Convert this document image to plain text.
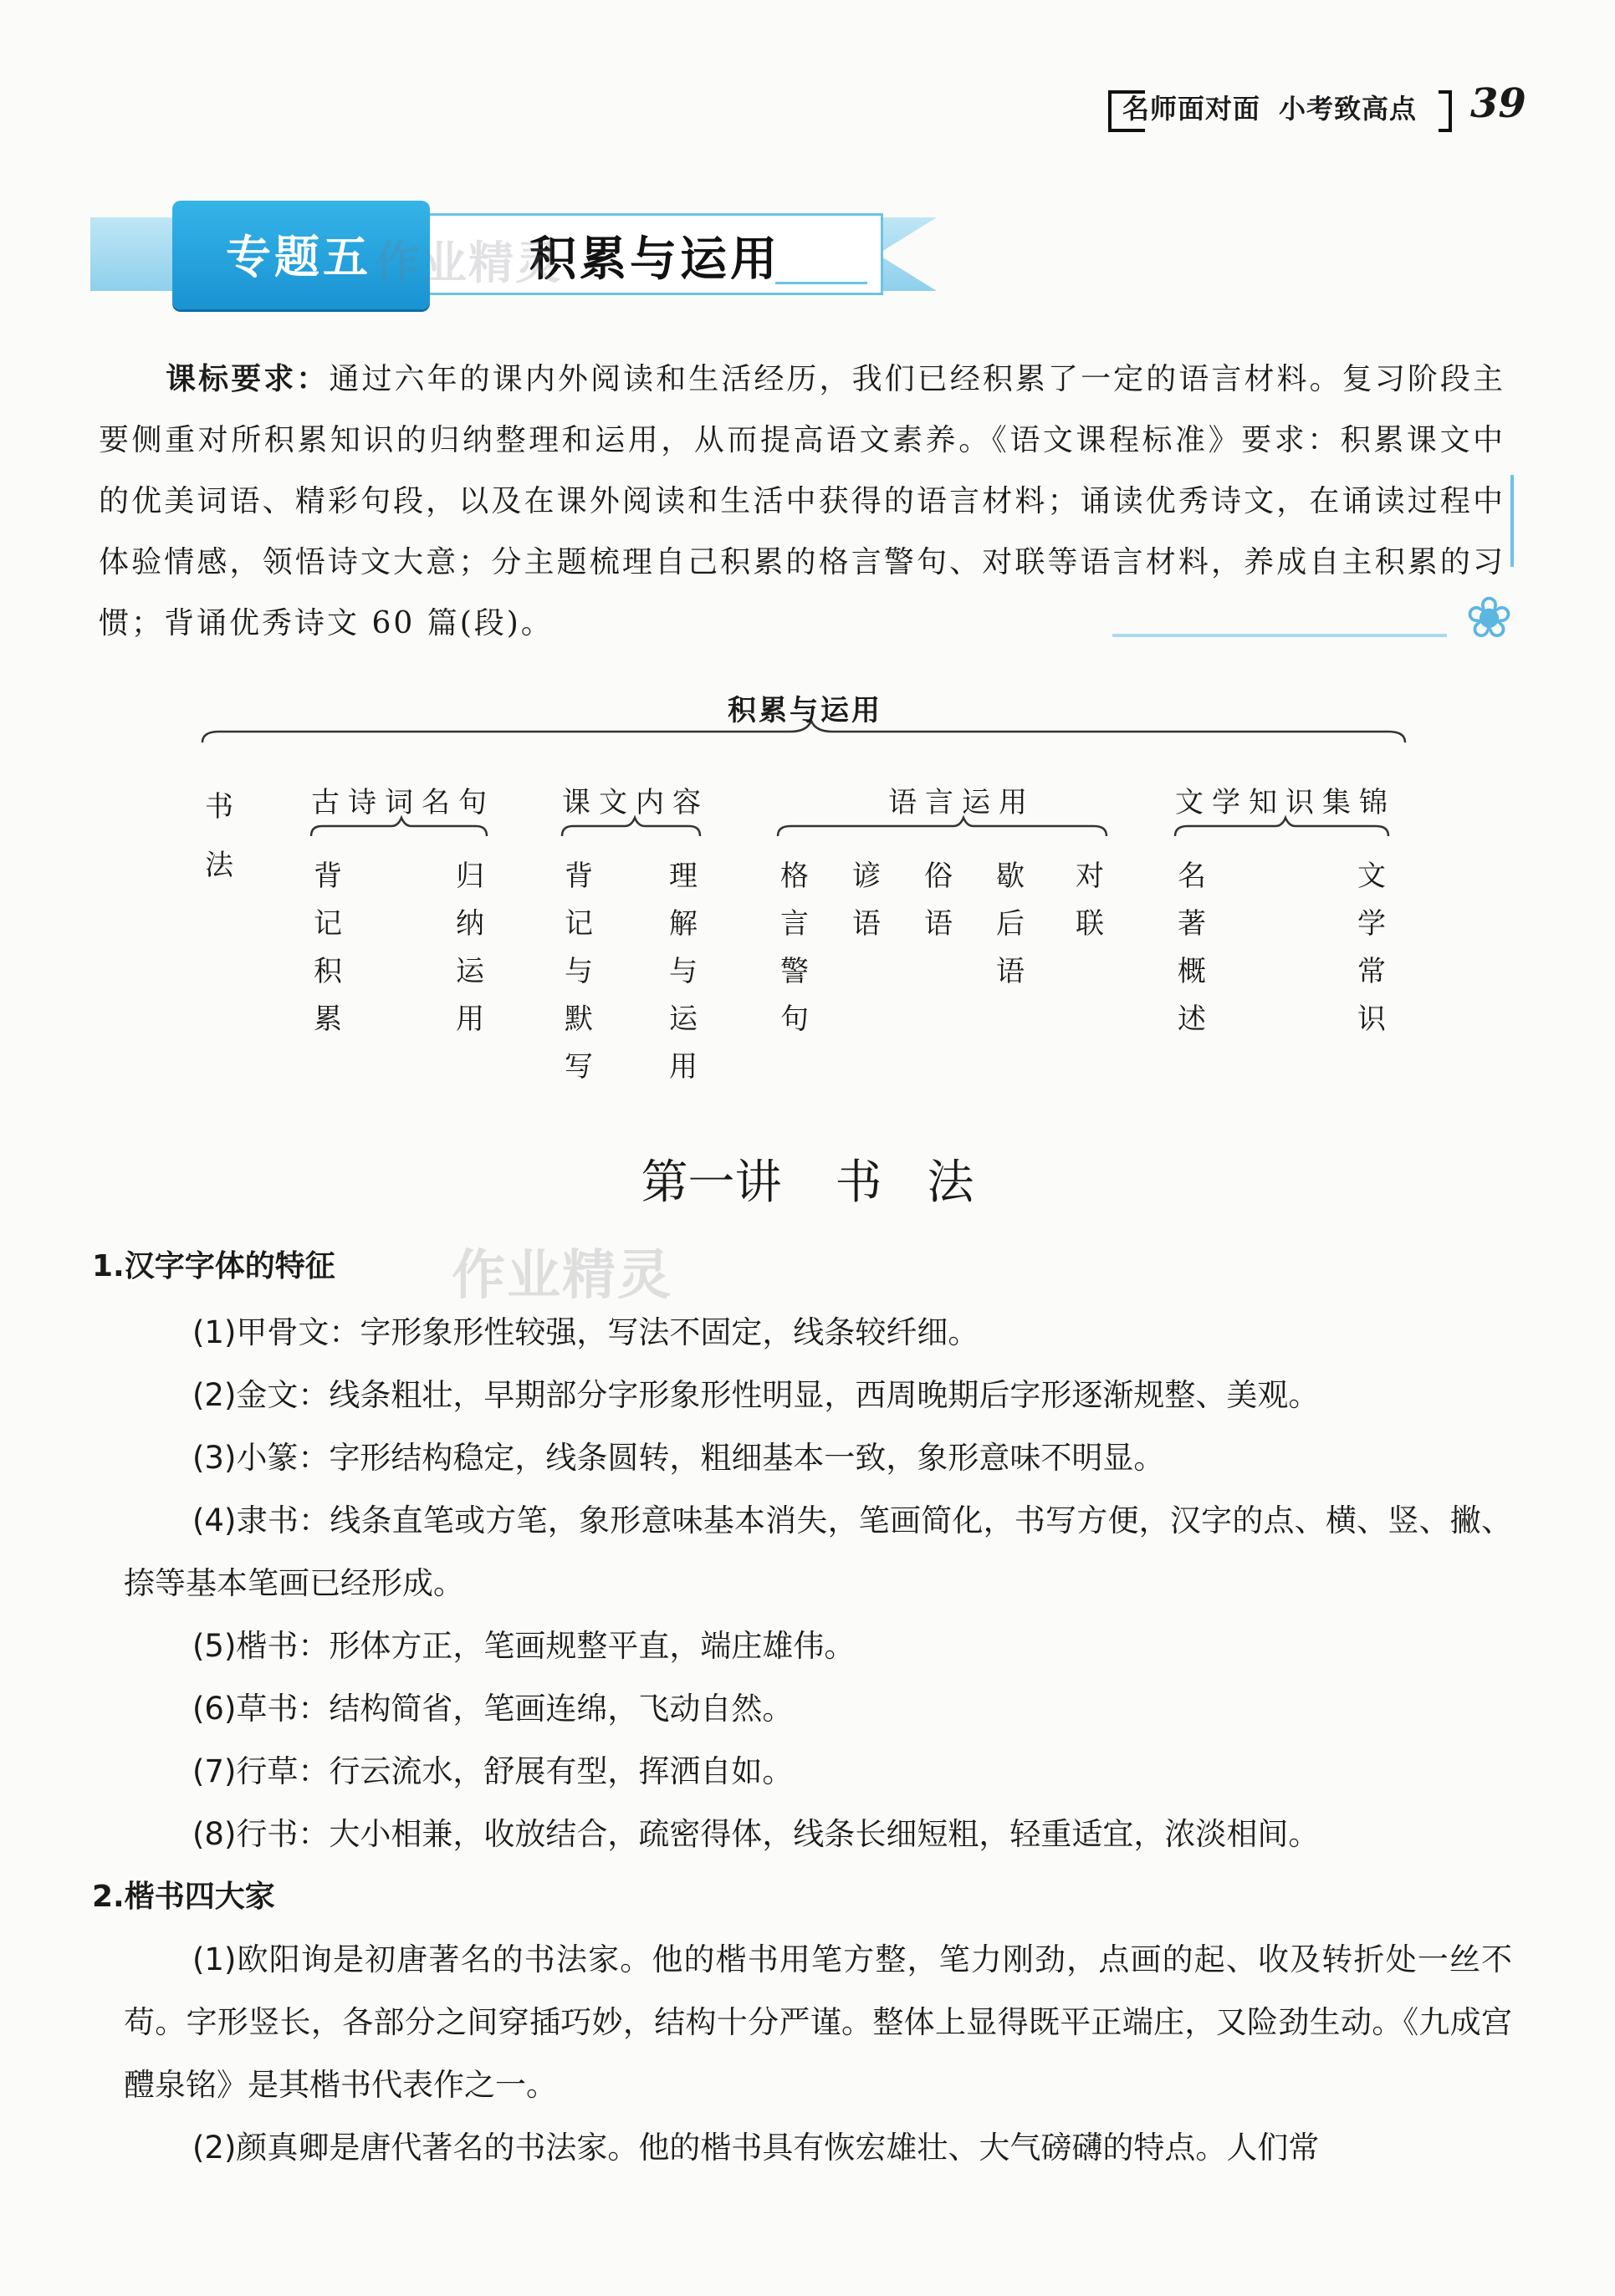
名师面对面 小考致高点 39
专题五	积累与运用
作业精灵
课标要求：通过六年的课内外阅读和生活经历，我们已经积累了一定的语言材料。复习阶段主要侧重对所积累知识的归纳整理和运用，从而提高语文素养。《语文课程标准》要求：积累课文中的优美词语、精彩句段，以及在课外阅读和生活中获得的语言材料；诵读优秀诗文，在诵读过程中体验情感，领悟诗文大意；分主题梳理自己积累的格言警句、对联等语言材料，养成自主积累的习惯；背诵优秀诗文 60 篇(段)。	❀
积累与运用
书法
古诗词名句 课文内容	语言运用	文学知识集锦
背记积累
归纳运用
背记与默写
理解与运用
格言警句
谚语
俗语
歇后语
对联
名著概述
文学常识
第一讲 书 法
1.汉字字体的特征 作业精灵
(1)甲骨文：字形象形性较强，写法不固定，线条较纤细。
(2)金文：线条粗壮，早期部分字形象形性明显，西周晚期后字形逐渐规整、美观。
(3)小篆：字形结构稳定，线条圆转，粗细基本一致，象形意味不明显。
(4)隶书：线条直笔或方笔，象形意味基本消失，笔画简化，书写方便，汉字的点、横、竖、撇、捺等基本笔画已经形成。
(5)楷书：形体方正，笔画规整平直，端庄雄伟。
(6)草书：结构简省，笔画连绵，飞动自然。
(7)行草：行云流水，舒展有型，挥洒自如。
(8)行书：大小相兼，收放结合，疏密得体，线条长细短粗，轻重适宜，浓淡相间。
2.楷书四大家
(1)欧阳询是初唐著名的书法家。他的楷书用笔方整，笔力刚劲，点画的起、收及转折处一丝不苟。字形竖长，各部分之间穿插巧妙，结构十分严谨。整体上显得既平正端庄，又险劲生动。《九成宫醴泉铭》是其楷书代表作之一。
(2)颜真卿是唐代著名的书法家。他的楷书具有恢宏雄壮、大气磅礴的特点。人们常
